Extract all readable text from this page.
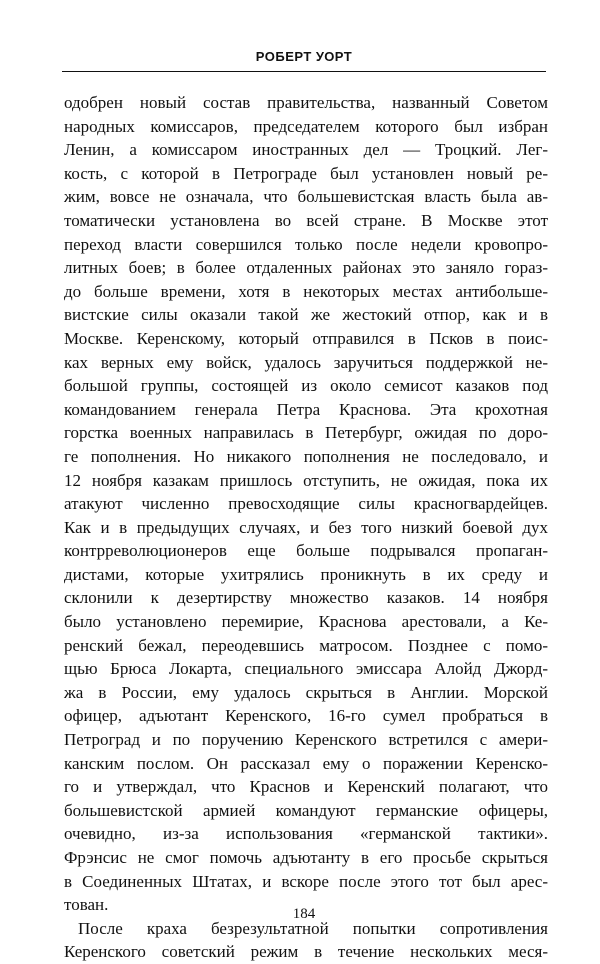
РОБЕРТ УОРТ
одобрен новый состав правительства, названный Советом
народных комиссаров, председателем которого был избран
Ленин, а комиссаром иностранных дел — Троцкий. Лег-
кость, с которой в Петрограде был установлен новый ре-
жим, вовсе не означала, что большевистская власть была ав-
томатически установлена во всей стране. В Москве этот
переход власти совершился только после недели кровопро-
литных боев; в более отдаленных районах это заняло гораз-
до больше времени, хотя в некоторых местах антибольше-
вистские силы оказали такой же жестокий отпор, как и в
Москве. Керенскому, который отправился в Псков в поис-
ках верных ему войск, удалось заручиться поддержкой не-
большой группы, состоящей из около семисот казаков под
командованием генерала Петра Краснова. Эта крохотная
горстка военных направилась в Петербург, ожидая по доро-
ге пополнения. Но никакого пополнения не последовало, и
12 ноября казакам пришлось отступить, не ожидая, пока их
атакуют численно превосходящие силы красногвардейцев.
Как и в предыдущих случаях, и без того низкий боевой дух
контрреволюционеров еще больше подрывался пропаган-
дистами, которые ухитрялись проникнуть в их среду и
склонили к дезертирству множество казаков. 14 ноября
было установлено перемирие, Краснова арестовали, а Ке-
ренский бежал, переодевшись матросом. Позднее с помо-
щью Брюса Локарта, специального эмиссара Алойд Джорд-
жа в России, ему удалось скрыться в Англии. Морской
офицер, адъютант Керенского, 16-го сумел пробраться в
Петроград и по поручению Керенского встретился с амери-
канским послом. Он рассказал ему о поражении Керенско-
го и утверждал, что Краснов и Керенский полагают, что
большевистской армией командуют германские офицеры,
очевидно, из-за использования «германской тактики».
Фрэнсис не смог помочь адъютанту в его просьбе скрыться
в Соединенных Штатах, и вскоре после этого тот был арес-
тован.
После краха безрезультатной попытки сопротивления
Керенского советский режим в течение нескольких меся-
184
